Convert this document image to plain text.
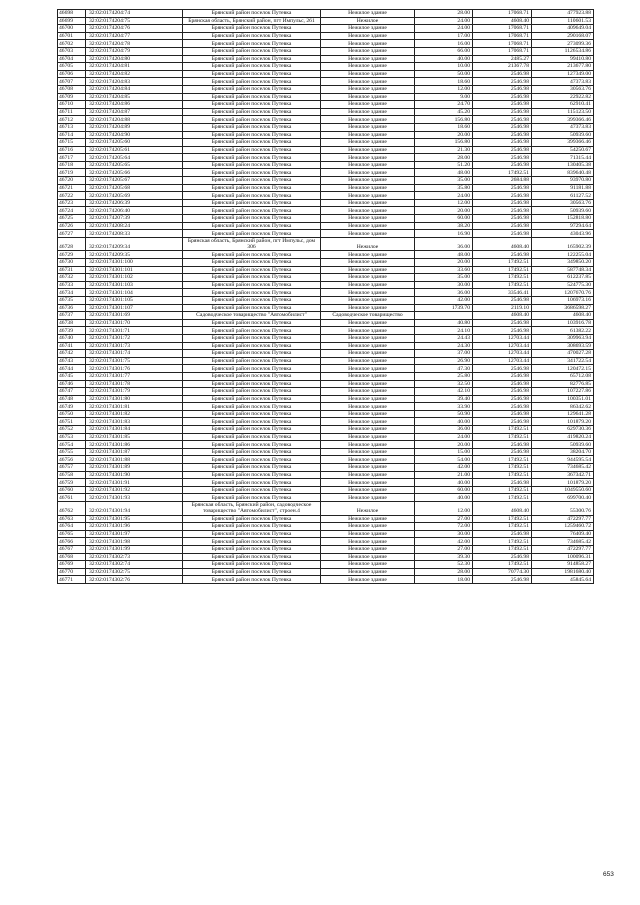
46698	32:02:0174204:74	Брянский район поселок Путевка	Нежилое здание	28.00	17068.71	477923.88
46699	32:02:0174204:75	Брянская область, Брянский район, пгт Импульс, 261	Нежилое	24.00	4608.40	110601.53
46700	32:02:0174204:76	Брянский район поселок Путевка	Нежилое здание	24.00	17068.71	409649.04
46701	32:02:0174204:77	Брянский район поселок Путевка	Нежилое здание	17.00	17068.71	290168.07
46702	32:02:0174204:78	Брянский район поселок Путевка	Нежилое здание	16.00	17068.71	273099.36
46703	32:02:0174204:79	Брянский район поселок Путевка	Нежилое здание	66.00	17068.71	1126534.86
46704	32:02:0174204:80	Брянский район поселок Путевка	Нежилое здание	40.00	2485.27	99410.80
46705	32:02:0174204:81	Брянский район поселок Путевка	Нежилое здание	10.00	21367.78	213677.80
46706	32:02:0174204:82	Брянский район поселок Путевка	Нежилое здание	50.00	2546.98	127349.00
46707	32:02:0174204:83	Брянский район поселок Путевка	Нежилое здание	18.60	2546.98	47373.83
46708	32:02:0174204:84	Брянский район поселок Путевка	Нежилое здание	12.00	2546.98	30563.76
46709	32:02:0174204:85	Брянский район поселок Путевка	Нежилое здание	9.00	2546.98	22922.82
46710	32:02:0174204:86	Брянский район поселок Путевка	Нежилое здание	24.70	2546.98	62910.41
46711	32:02:0174204:87	Брянский район поселок Путевка	Нежилое здание	45.20	2546.98	115123.50
46712	32:02:0174204:88	Брянский район поселок Путевка	Нежилое здание	156.80	2546.98	399366.46
46713	32:02:0174204:89	Брянский район поселок Путевка	Нежилое здание	18.60	2546.98	47373.83
46714	32:02:0174204:90	Брянский район поселок Путевка	Нежилое здание	20.00	2546.98	50939.60
46715	32:02:0174205:60	Брянский район поселок Путевка	Нежилое здание	156.80	2546.98	399366.46
46716	32:02:0174205:61	Брянский район поселок Путевка	Нежилое здание	21.30	2546.98	54250.67
46717	32:02:0174205:64	Брянский район поселок Путевка	Нежилое здание	28.00	2546.98	71315.44
46718	32:02:0174205:65	Брянский район поселок Путевка	Нежилое здание	51.20	2546.98	130405.38
46719	32:02:0174205:66	Брянский район поселок Путевка	Нежилое здание	48.00	17492.51	839640.48
46720	32:02:0174205:67	Брянский район поселок Путевка	Нежилое здание	35.00	2684.88	93970.80
46721	32:02:0174205:68	Брянский район поселок Путевка	Нежилое здание	35.80	2546.98	91181.88
46722	32:02:0174205:69	Брянский район поселок Путевка	Нежилое здание	24.00	2546.98	61127.52
46723	32:02:0174206:39	Брянский район поселок Путевка	Нежилое здание	12.00	2546.98	30563.76
46724	32:02:0174206:40	Брянский район поселок Путевка	Нежилое здание	20.00	2546.98	50939.60
46725	32:02:0174207:39	Брянский район поселок Путевка	Нежилое здание	60.00	2546.98	152818.80
46726	32:02:0174208:24	Брянский район поселок Путевка	Нежилое здание	38.20	2546.98	97294.64
46727	32:02:0174208:33	Брянский район поселок Путевка	Нежилое здание	16.90	2546.98	43043.96
46728	32:02:0174209:34	Брянская область, Брянский район, пгт Импульс, дом 306	Нежилое	36.00	4608.40	165902.39
46729	32:02:0174209:35	Брянский район поселок Путевка	Нежилое здание	48.00	2546.98	122255.04
46730	32:02:0174301:100	Брянский район поселок Путевка	Нежилое здание	20.00	17492.51	349850.20
46731	32:02:0174301:101	Брянский район поселок Путевка	Нежилое здание	33.60	17492.51	587748.34
46732	32:02:0174301:102	Брянский район поселок Путевка	Нежилое здание	35.00	17492.51	612237.85
46733	32:02:0174301:103	Брянский район поселок Путевка	Нежилое здание	30.00	17492.51	524775.30
46734	32:02:0174301:104	Брянский район поселок Путевка	Нежилое здание	36.00	33546.41	1207670.76
46735	32:02:0174301:105	Брянский район поселок Путевка	Нежилое здание	42.00	2546.98	106973.16
46736	32:02:0174301:107	Брянский район поселок Путевка	Нежилое здание	1739.70	2119.10	3686598.27
46737	32:02:0174301:69	Садоводческое товарищество "Автомобилист"	Садоводческое товарищество		4608.40	4608.40
46738	32:02:0174301:70	Брянский район поселок Путевка	Нежилое здание	40.80	2546.98	103916.78
46739	32:02:0174301:71	Брянский район поселок Путевка	Нежилое здание	24.10	2546.98	61382.22
46740	32:02:0174301:72	Брянский район поселок Путевка	Нежилое здание	24.43	12703.44	309963.94
46741	32:02:0174301:73	Брянский район поселок Путевка	Нежилое здание	24.30	12703.44	308693.59
46742	32:02:0174301:74	Брянский район поселок Путевка	Нежилое здание	37.00	12703.44	470027.28
46743	32:02:0174301:75	Брянский район поселок Путевка	Нежилое здание	26.90	12703.44	341722.54
46744	32:02:0174301:76	Брянский район поселок Путевка	Нежилое здание	47.30	2546.98	120472.15
46745	32:02:0174301:77	Брянский район поселок Путевка	Нежилое здание	25.80	2546.98	65712.08
46746	32:02:0174301:78	Брянский район поселок Путевка	Нежилое здание	32.50	2546.98	82776.85
46747	32:02:0174301:79	Брянский район поселок Путевка	Нежилое здание	42.10	2546.98	107227.86
46748	32:02:0174301:80	Брянский район поселок Путевка	Нежилое здание	39.40	2546.98	100351.01
46749	32:02:0174301:81	Брянский район поселок Путевка	Нежилое здание	33.90	2546.98	86342.62
46750	32:02:0174301:82	Брянский район поселок Путевка	Нежилое здание	50.90	2546.98	129641.28
46751	32:02:0174301:83	Брянский район поселок Путевка	Нежилое здание	40.00	2546.98	101879.20
46752	32:02:0174301:84	Брянский район поселок Путевка	Нежилое здание	36.00	17492.51	629730.36
46753	32:02:0174301:85	Брянский район поселок Путевка	Нежилое здание	24.00	17492.51	419820.24
46754	32:02:0174301:86	Брянский район поселок Путевка	Нежилое здание	20.00	2546.98	50939.60
46755	32:02:0174301:87	Брянский район поселок Путевка	Нежилое здание	15.00	2546.98	38204.70
46756	32:02:0174301:88	Брянский район поселок Путевка	Нежилое здание	54.00	17492.51	944595.54
46757	32:02:0174301:89	Брянский район поселок Путевка	Нежилое здание	42.00	17492.51	734685.42
46758	32:02:0174301:90	Брянский район поселок Путевка	Нежилое здание	21.00	17492.51	367342.71
46759	32:02:0174301:91	Брянский район поселок Путевка	Нежилое здание	40.00	2546.98	101879.20
46760	32:02:0174301:92	Брянский район поселок Путевка	Нежилое здание	60.00	17492.51	1049550.60
46761	32:02:0174301:93	Брянский район поселок Путевка	Нежилое здание	40.00	17492.51	699700.40
46762	32:02:0174301:94	Брянская область, Брянский район, садоводческое товарищество "Автомобилист", строен.4	Нежилое	12.00	4608.40	55300.76
46763	32:02:0174301:95	Брянский район поселок Путевка	Нежилое здание	27.00	17492.51	472297.77
46764	32:02:0174301:96	Брянский район поселок Путевка	Нежилое здание	72.00	17492.51	1259460.72
46765	32:02:0174301:97	Брянский район поселок Путевка	Нежилое здание	30.00	2546.98	76409.40
46766	32:02:0174301:98	Брянский район поселок Путевка	Нежилое здание	42.00	17492.51	734685.42
46767	32:02:0174301:99	Брянский район поселок Путевка	Нежилое здание	27.00	17492.51	472297.77
46768	32:02:0174302:73	Брянский район поселок Путевка	Нежилое здание	39.30	2546.98	100096.31
46769	32:02:0174302:74	Брянский район поселок Путевка	Нежилое здание	52.30	17492.51	914858.27
46770	32:02:0174302:75	Брянский район поселок Путевка	Нежилое здание	28.00	70774.30	1981680.40
46771	32:02:0174302:76	Брянский район поселок Путевка	Нежилое здание	18.00	2546.98	45845.64
653
